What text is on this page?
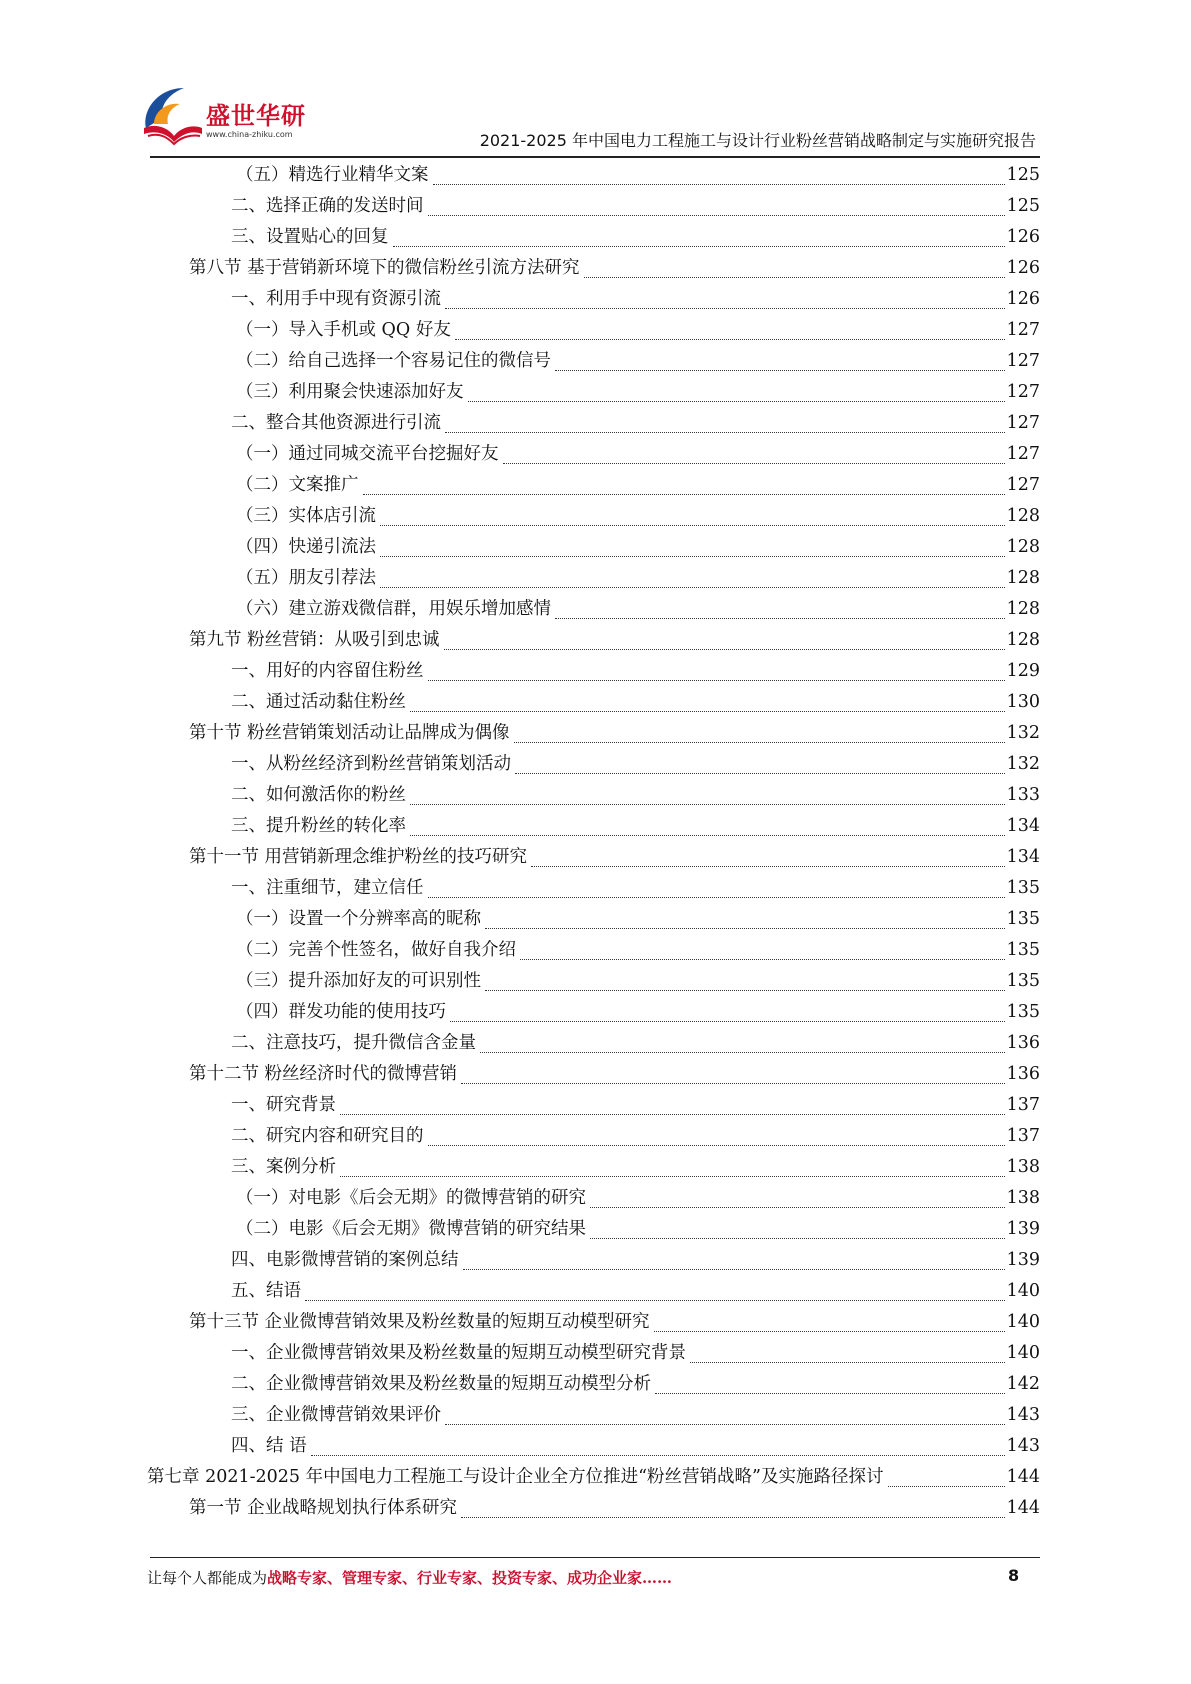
盛世华研
www.china-zhiku.com	2021-2025 年中国电力工程施工与设计行业粉丝营销战略制定与实施研究报告
（五）精选行业精华文案	125
二、选择正确的发送时间	125
三、设置贴心的回复	126
第八节 基于营销新环境下的微信粉丝引流方法研究	126
一、利用手中现有资源引流	126
（一）导入手机或 QQ 好友	127
（二）给自己选择一个容易记住的微信号	127
（三）利用聚会快速添加好友	127
二、整合其他资源进行引流	127
（一）通过同城交流平台挖掘好友	127
（二）文案推广	127
（三）实体店引流	128
（四）快递引流法	128
（五）朋友引荐法	128
（六）建立游戏微信群，用娱乐增加感情	128
第九节 粉丝营销：从吸引到忠诚	128
一、用好的内容留住粉丝	129
二、通过活动黏住粉丝	130
第十节 粉丝营销策划活动让品牌成为偶像	132
一、从粉丝经济到粉丝营销策划活动	132
二、如何激活你的粉丝	133
三、提升粉丝的转化率	134
第十一节 用营销新理念维护粉丝的技巧研究	134
一、注重细节，建立信任	135
（一）设置一个分辨率高的昵称	135
（二）完善个性签名，做好自我介绍	135
（三）提升添加好友的可识别性	135
（四）群发功能的使用技巧	135
二、注意技巧，提升微信含金量	136
第十二节 粉丝经济时代的微博营销	136
一、研究背景	137
二、研究内容和研究目的	137
三、案例分析	138
（一）对电影《后会无期》的微博营销的研究	138
（二）电影《后会无期》微博营销的研究结果	139
四、电影微博营销的案例总结	139
五、结语	140
第十三节 企业微博营销效果及粉丝数量的短期互动模型研究	140
一、企业微博营销效果及粉丝数量的短期互动模型研究背景	140
二、企业微博营销效果及粉丝数量的短期互动模型分析	142
三、企业微博营销效果评价	143
四、结 语	143
第七章 2021-2025 年中国电力工程施工与设计企业全方位推进“粉丝营销战略”及实施路径探讨	144
第一节 企业战略规划执行体系研究	144
让每个人都能成为战略专家、管理专家、行业专家、投资专家、成功企业家……	8
